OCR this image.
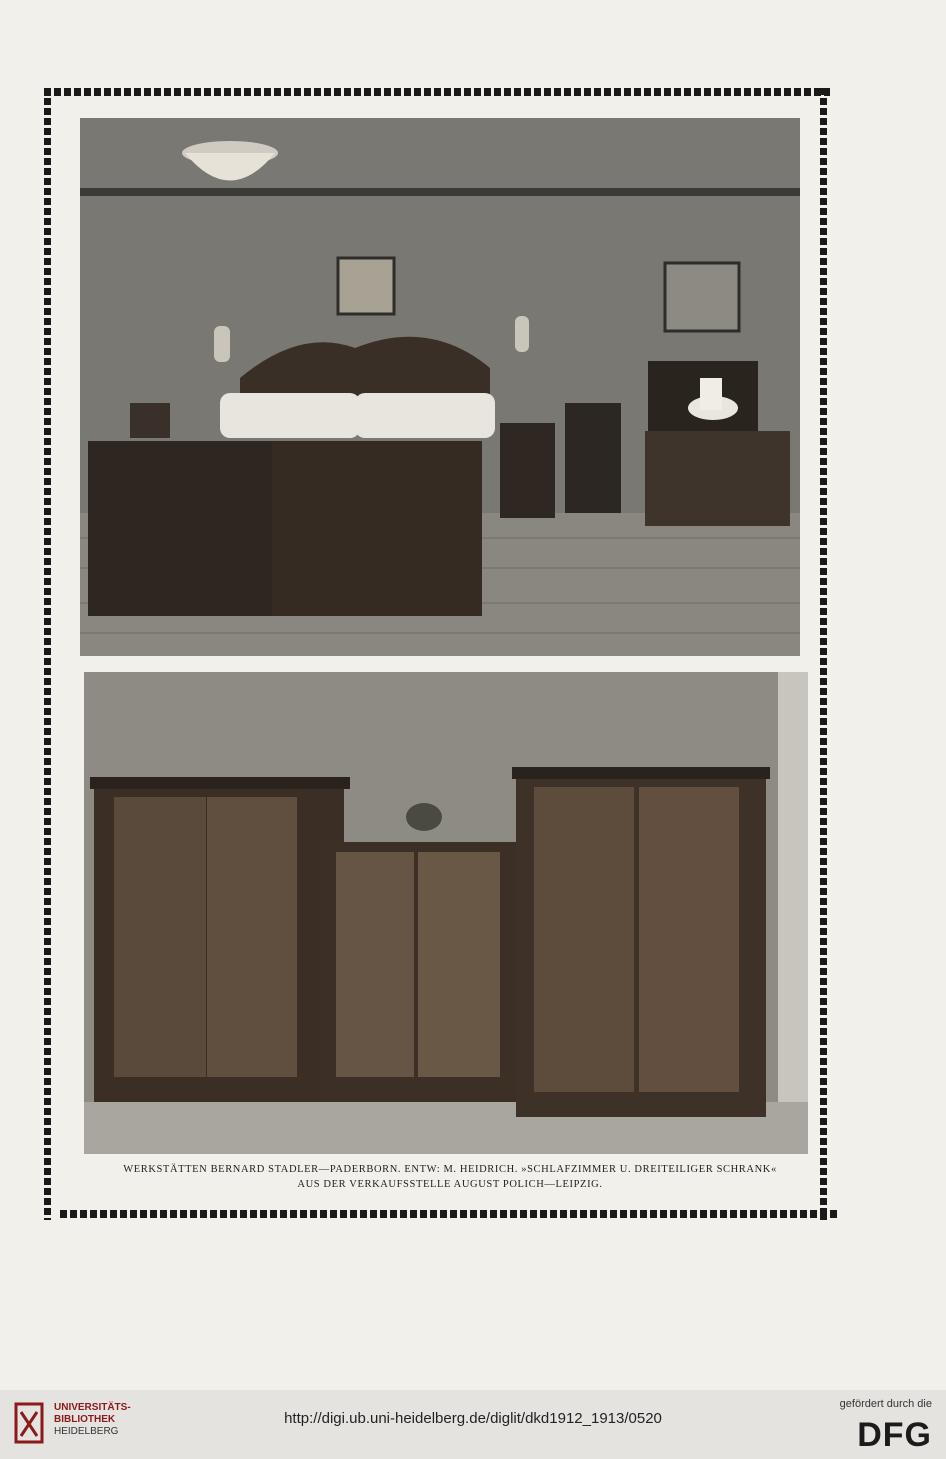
WERKSTÄTTEN BERNARD STADLER—PADERBORN. ENTW: M. HEIDRICH. »SCHLAFZIMMER U. DREITEILIGER SCHRANK«
AUS DER VERKAUFSSTELLE AUGUST POLICH—LEIPZIG.
UNIVERSITÄTS-
BIBLIOTHEK
HEIDELBERG
http://digi.ub.uni-heidelberg.de/diglit/dkd1912_1913/0520
gefördert durch die
DFG
